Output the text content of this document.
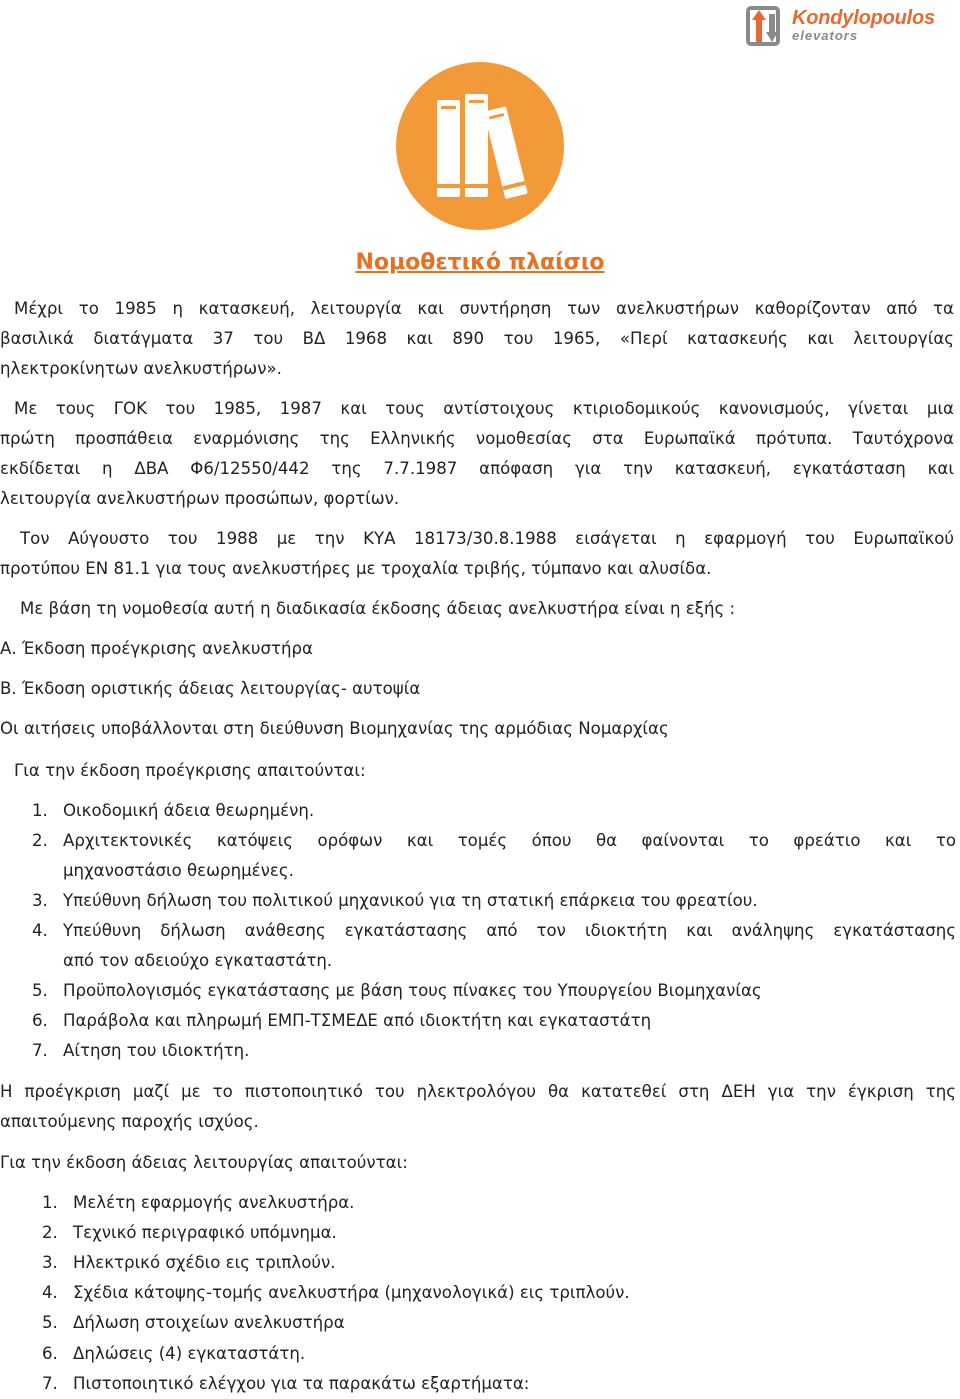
Kondylopoulos
elevators
Νομοθετικό πλαίσιο
Μέχρι το 1985 η κατασκευή, λειτουργία και συντήρηση των ανελκυστήρων καθορίζονταν από τα
βασιλικά διατάγματα 37 του ΒΔ 1968 και 890 του 1965, «Περί κατασκευής και λειτουργίας
ηλεκτροκίνητων ανελκυστήρων».
Με τους ΓΟΚ του 1985, 1987 και τους αντίστοιχους κτιριοδομικούς κανονισμούς, γίνεται μια
πρώτη προσπάθεια εναρμόνισης της Ελληνικής νομοθεσίας στα Ευρωπαϊκά πρότυπα. Ταυτόχρονα
εκδίδεται η ΔΒΑ Φ6/12550/442 της 7.7.1987 απόφαση για την κατασκευή, εγκατάσταση και
λειτουργία ανελκυστήρων προσώπων, φορτίων.
Τον Αύγουστο του 1988 με την ΚΥΑ 18173/30.8.1988 εισάγεται η εφαρμογή του Ευρωπαϊκού
προτύπου ΕΝ 81.1 για τους ανελκυστήρες με τροχαλία τριβής, τύμπανο και αλυσίδα.
Με βάση τη νομοθεσία αυτή η διαδικασία έκδοσης άδειας ανελκυστήρα είναι η εξής :
Α. Έκδοση προέγκρισης ανελκυστήρα
Β. Έκδοση οριστικής άδειας λειτουργίας- αυτοψία
Οι αιτήσεις υποβάλλονται στη διεύθυνση Βιομηχανίας της αρμόδιας Νομαρχίας
Για την έκδοση προέγκρισης απαιτούνται:
1. Οικοδομική άδεια θεωρημένη.
2. Αρχιτεκτονικές κατόψεις ορόφων και τομές όπου θα φαίνονται το φρεάτιο και το
μηχανοστάσιο θεωρημένες.
3. Υπεύθυνη δήλωση του πολιτικού μηχανικού για τη στατική επάρκεια του φρεατίου.
4. Υπεύθυνη δήλωση ανάθεσης εγκατάστασης από τον ιδιοκτήτη και ανάληψης εγκατάστασης
από τον αδειούχο εγκαταστάτη.
5. Προϋπολογισμός εγκατάστασης με βάση τους πίνακες του Υπουργείου Βιομηχανίας
6. Παράβολα και πληρωμή ΕΜΠ-ΤΣΜΕΔΕ από ιδιοκτήτη και εγκαταστάτη
7. Αίτηση του ιδιοκτήτη.
Η προέγκριση μαζί με το πιστοποιητικό του ηλεκτρολόγου θα κατατεθεί στη ΔΕΗ για την έγκριση της
απαιτούμενης παροχής ισχύος.
Για την έκδοση άδειας λειτουργίας απαιτούνται:
1. Μελέτη εφαρμογής ανελκυστήρα.
2. Τεχνικό περιγραφικό υπόμνημα.
3. Ηλεκτρικό σχέδιο εις τριπλούν.
4. Σχέδια κάτοψης-τομής ανελκυστήρα (μηχανολογικά) εις τριπλούν.
5. Δήλωση στοιχείων ανελκυστήρα
6. Δηλώσεις (4) εγκαταστάτη.
7. Πιστοποιητικό ελέγχου για τα παρακάτω εξαρτήματα:
